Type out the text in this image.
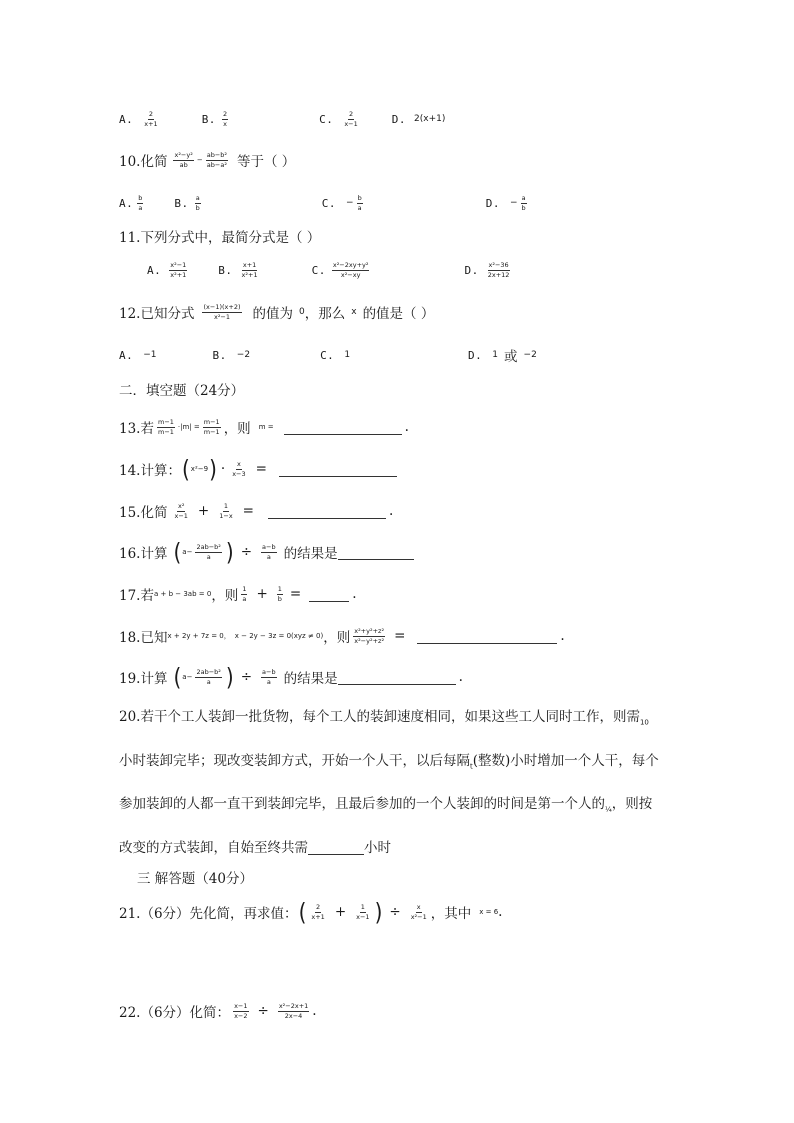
A. $\frac{2}{x+1}$	B. $\frac{2}{x}$	C. $\frac{2}{x-1}$	D. 2(x+1)
10.化简 $\frac{\text{x²−y²}}{ab} - \frac{\text{ab−b²}}{\text{ab−a²}}$ 等于（ ）
A. $\frac{b}{a}$	B. $\frac{a}{b}$	C. − $\frac{b}{a}$	D. − $\frac{a}{b}$
11.下列分式中，最简分式是（ ）
A. $\frac{\text{x²−1}}{\text{x²+1}}$	B. $\frac{x+1}{\text{x²+1}}$	C. $\frac{\text{x²−2xy+y²}}{\text{x²−xy}}$	D. $\frac{\text{x²−36}}{2x+12}$
12.已知分式 $\frac{(x-1)(x+2)}{\text{x²−1}}$ 的值为 0 ，那么 x 的值是（ ）
A. −1	B. −2	C. 1	D. 1 或 −2
二．填空题（24分）
13.若 $\frac{m-1}{m-1} \cdot|m| = \frac{m-1}{m-1}$ ，则 m =	.
14.计算： ( x²−9 ) · $\frac{x}{x-3}$ =
15.化简 $\frac{\text{x²}}{x-1} + \frac{1}{1-x}$ =	.
16.计算 ( $a - \frac{\text{2ab−b²}}{a}$ ) ÷ $\frac{a-b}{a}$ 的结果是
17.若 a + b − 3ab = 0 ，则 $\frac{1}{a} + \frac{1}{b}$ =	.
18.已知 x + 2y + 7z = 0， x − 2y − 3z = 0(xyz ≠ 0) ，则 $\frac{\text{x²+y²+z²}}{\text{x²−y²+z²}}$ =	.
19.计算 ( $a - \frac{\text{2ab−b²}}{a}$ ) ÷ $\frac{a-b}{a}$ 的结果是	.
20.若干个工人装卸一批货物，每个工人的装卸速度相同，如果这些工人同时工作，则需$_{10}$
小时装卸完毕；现改变装卸方式，开始一个人干，以后每隔$_t$(整数)小时增加一个人干，每个
参加装卸的人都一直干到装卸完毕，且最后参加的一个人装卸的时间是第一个人的$_{\frac{1}{4}}$，则按
改变的方式装卸，自始至终共需	小时
三 解答题（40分）
21.（6分）先化简，再求值： ( $\frac{2}{x+1} + \frac{1}{x-1}$ ) ÷ $\frac{x}{\text{x²−1}}$ ，其中 x = 6 .
22.（6分）化简： $\frac{x-1}{x-2} \div \frac{\text{x²−2x+1}}{2x-4}$ .
